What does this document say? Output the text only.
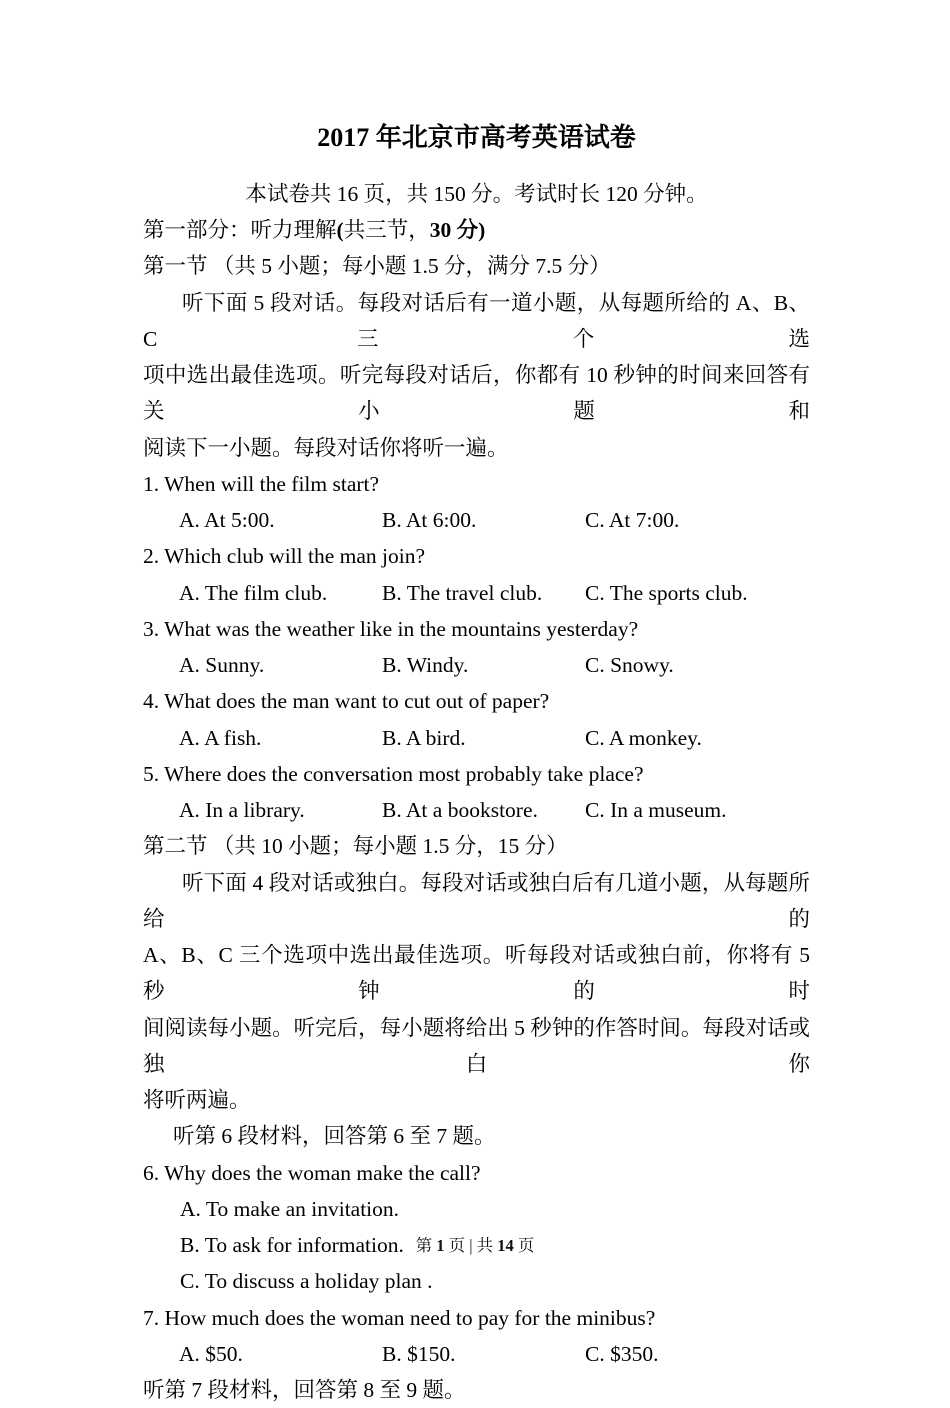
2017 年北京市高考英语试卷
本试卷共 16 页，共 150 分。考试时长 120 分钟。
第一部分：听力理解(共三节，30 分)
第一节 （共 5 小题；每小题 1.5 分，满分 7.5 分）
听下面 5 段对话。每段对话后有一道小题，从每题所给的 A、B、C 三个选
项中选出最佳选项。听完每段对话后，你都有 10 秒钟的时间来回答有关小题和
阅读下一小题。每段对话你将听一遍。
1. When will the film start?
A. At 5:00.	B. At 6:00.	C. At 7:00.
2. Which club will the man join?
A. The film club.	B. The travel club. C. The sports club.
3. What was the weather like in the mountains yesterday?
A. Sunny.	B. Windy.	C. Snowy.
4. What does the man want to cut out of paper?
A. A fish.	B. A bird.	C. A monkey.
5. Where does the conversation most probably take place?
A. In a library.	B. At a bookstore. C. In a museum.
第二节 （共 10 小题；每小题 1.5 分，15 分）
听下面 4 段对话或独白。每段对话或独白后有几道小题，从每题所给的
A、B、C 三个选项中选出最佳选项。听每段对话或独白前，你将有 5 秒钟的时
间阅读每小题。听完后，每小题将给出 5 秒钟的作答时间。每段对话或独白你
将听两遍。
听第 6 段材料，回答第 6 至 7 题。
6. Why does the woman make the call?
A. To make an invitation.
B. To ask for information.
C. To discuss a holiday plan .
7. How much does the woman need to pay for the minibus?
A. $50.	B. $150.	C. $350.
听第 7 段材料，回答第 8 至 9 题。
第 1 页 | 共 14 页
